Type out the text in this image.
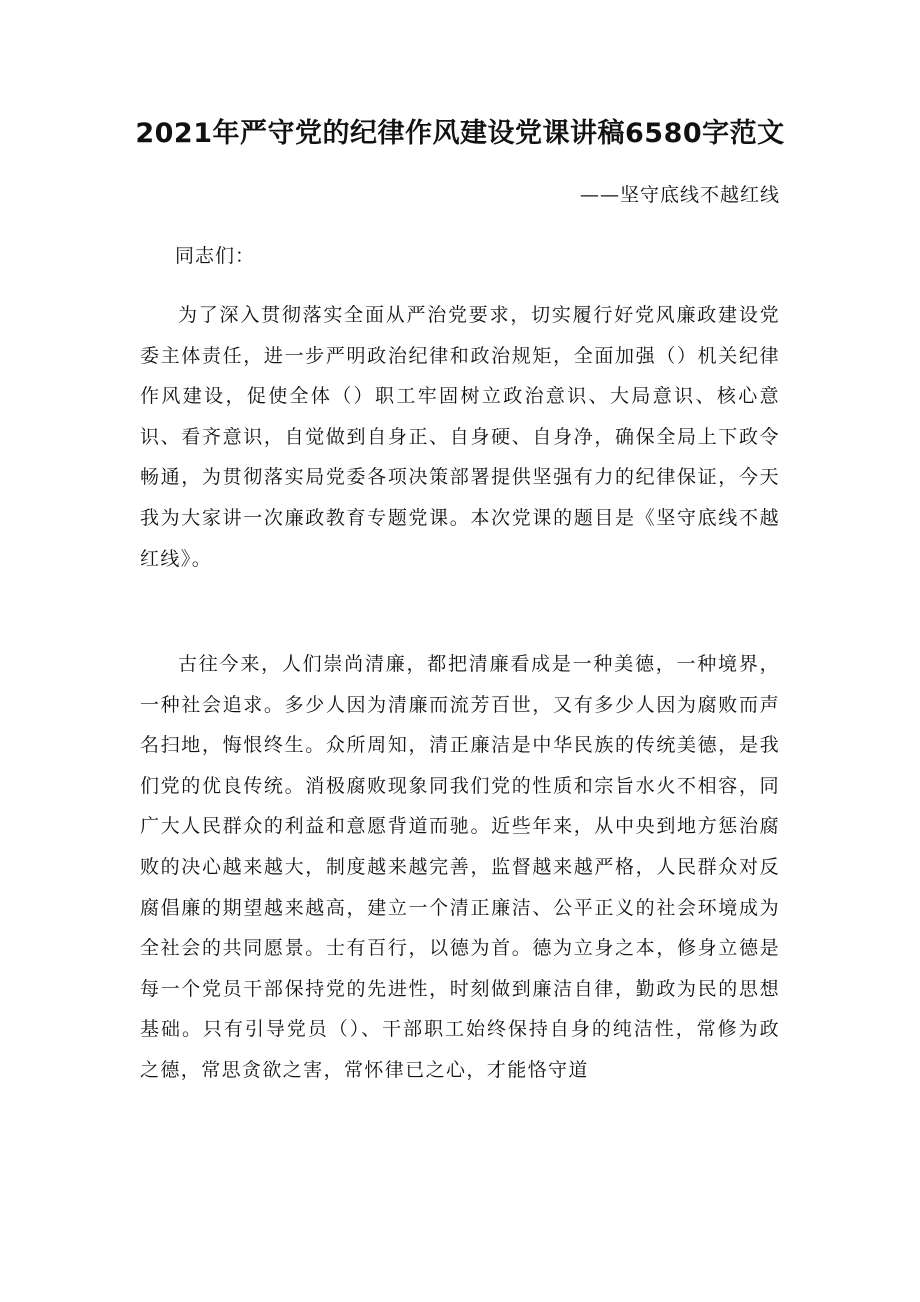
2021年严守党的纪律作风建设党课讲稿6580字范文

——坚守底线不越红线

同志们：

为了深入贯彻落实全面从严治党要求，切实履行好党风廉政建设党委主体责任，进一步严明政治纪律和政治规矩，全面加强（）机关纪律作风建设，促使全体（）职工牢固树立政治意识、大局意识、核心意识、看齐意识，自觉做到自身正、自身硬、自身净，确保全局上下政令畅通，为贯彻落实局党委各项决策部署提供坚强有力的纪律保证，今天我为大家讲一次廉政教育专题党课。本次党课的题目是《坚守底线不越红线》。

古往今来，人们崇尚清廉，都把清廉看成是一种美德，一种境界，一种社会追求。多少人因为清廉而流芳百世，又有多少人因为腐败而声名扫地，悔恨终生。众所周知，清正廉洁是中华民族的传统美德，是我们党的优良传统。消极腐败现象同我们党的性质和宗旨水火不相容，同广大人民群众的利益和意愿背道而驰。近些年来，从中央到地方惩治腐败的决心越来越大，制度越来越完善，监督越来越严格，人民群众对反腐倡廉的期望越来越高，建立一个清正廉洁、公平正义的社会环境成为全社会的共同愿景。士有百行，以德为首。德为立身之本，修身立德是每一个党员干部保持党的先进性，时刻做到廉洁自律，勤政为民的思想基础。只有引导党员（）、干部职工始终保持自身的纯洁性，常修为政之德，常思贪欲之害，常怀律已之心，才能恪守道
